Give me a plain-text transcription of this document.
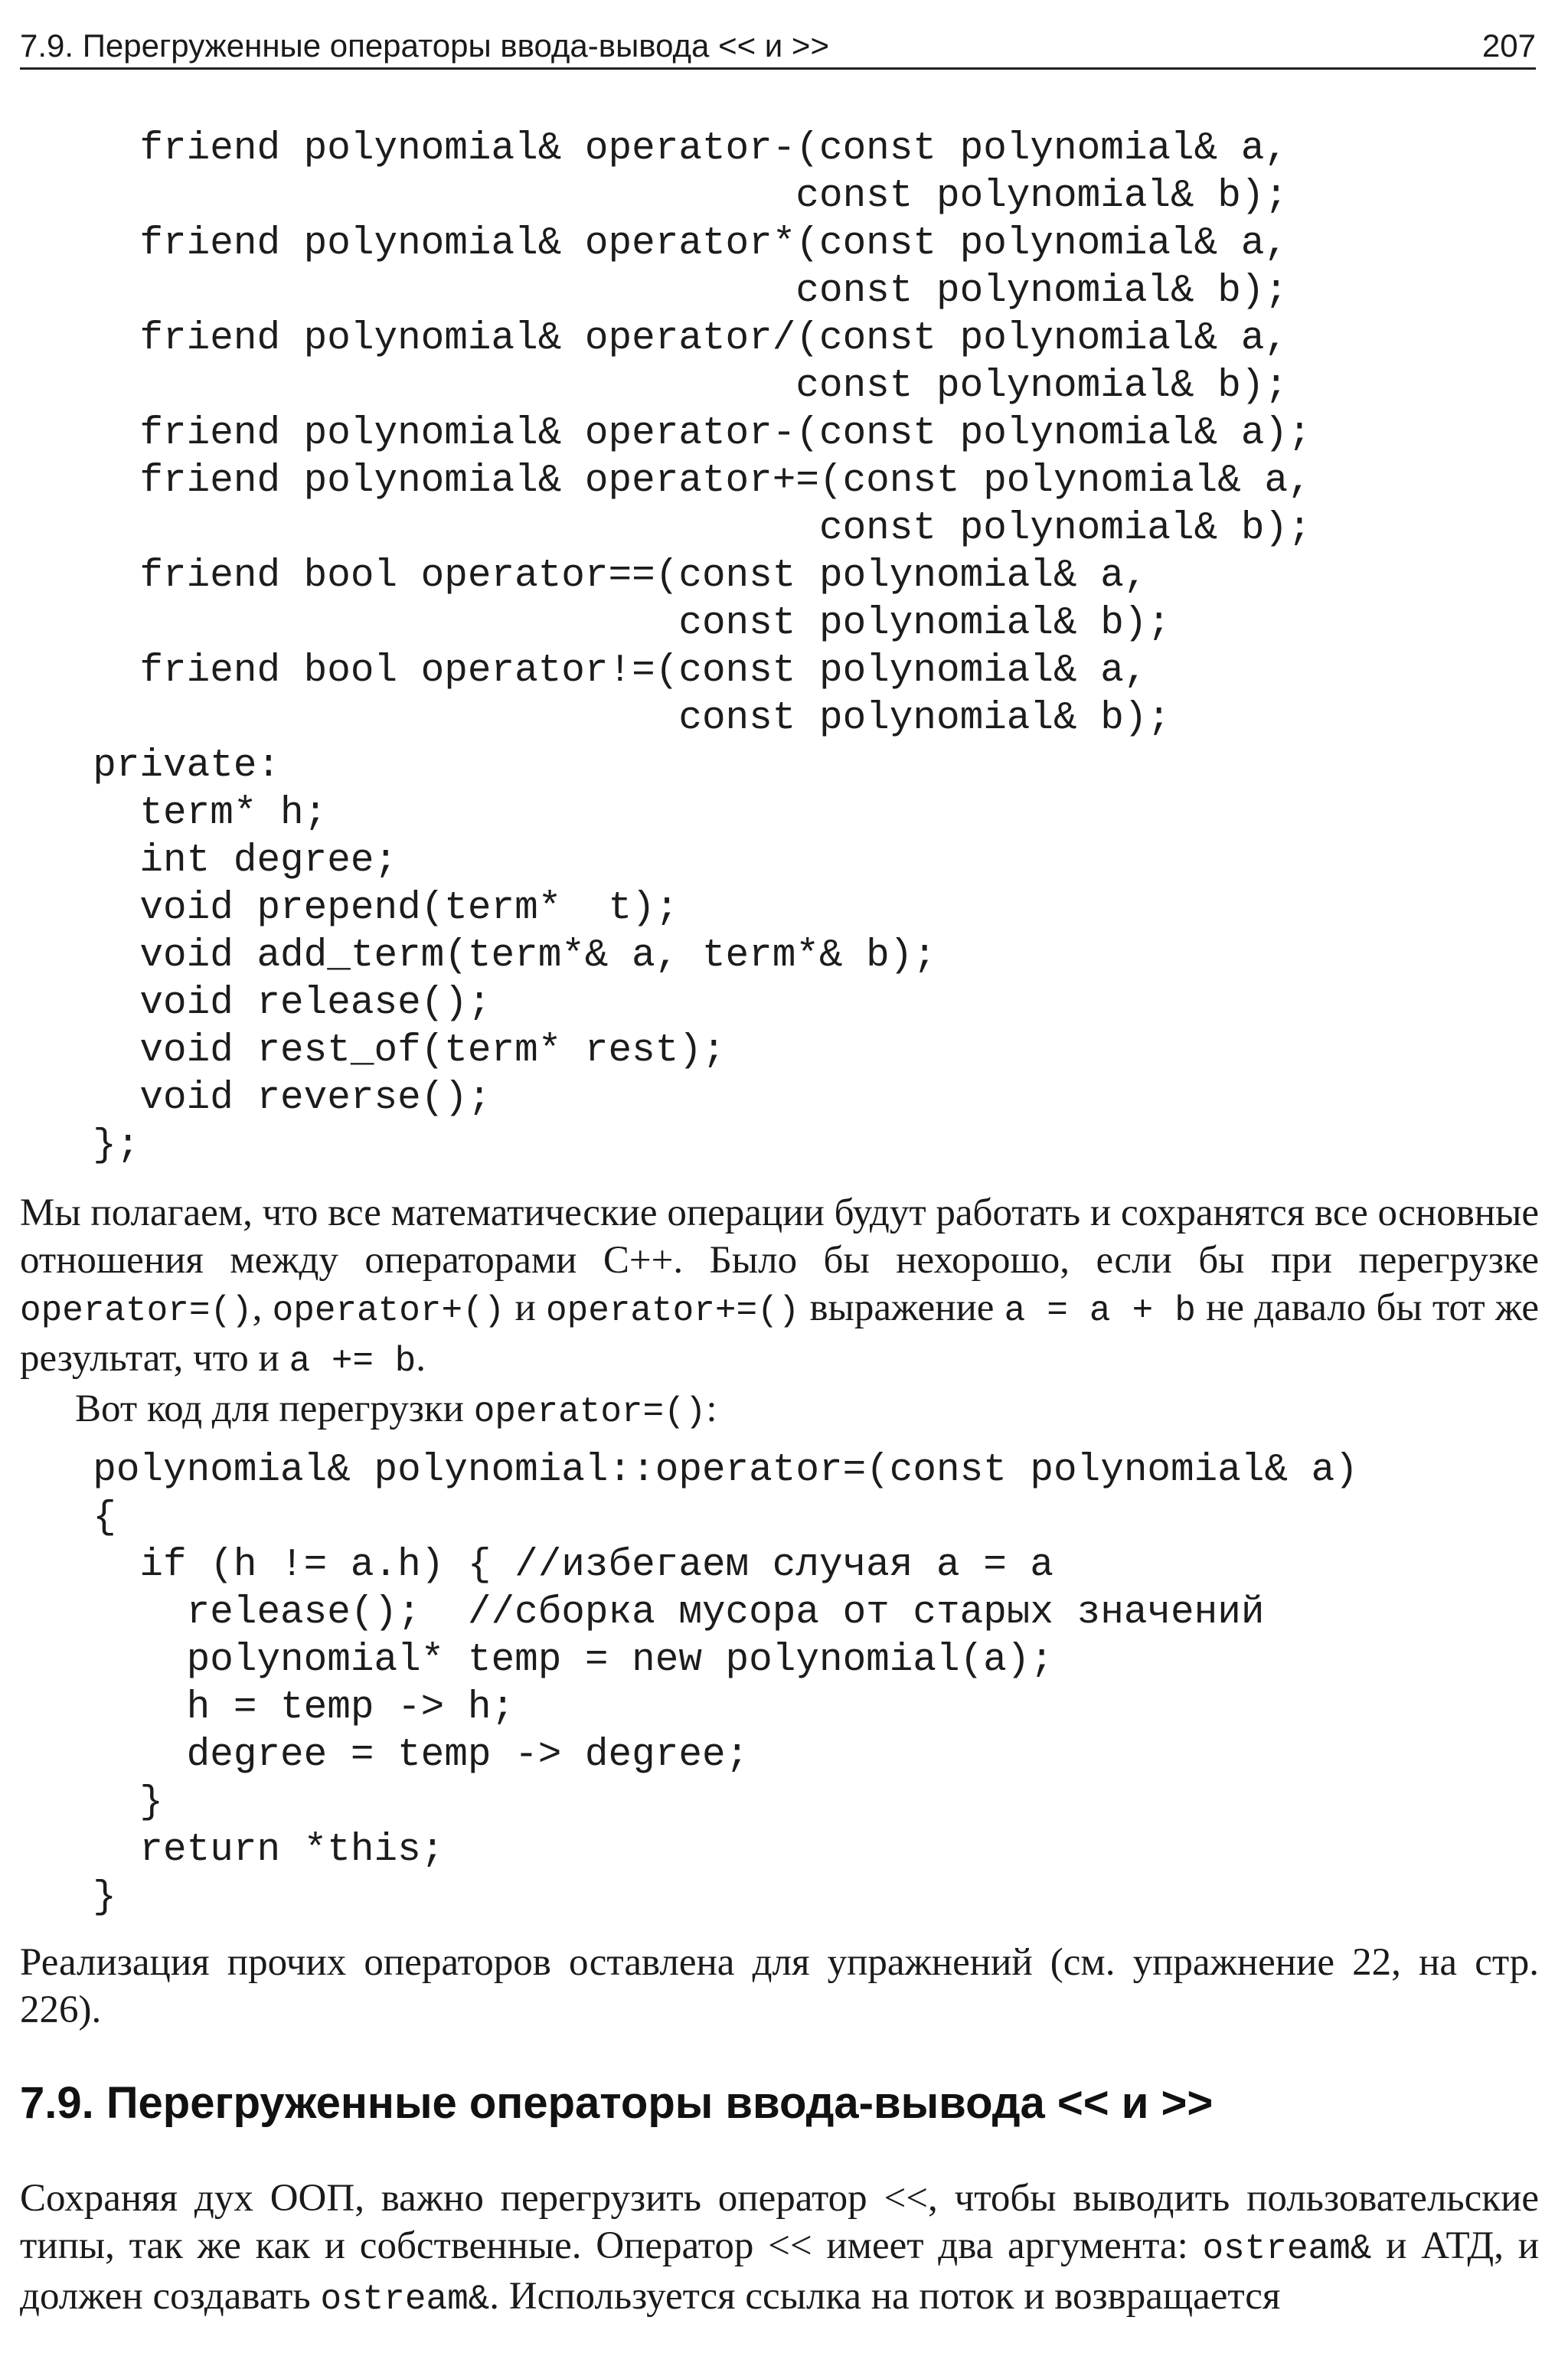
7.9. Перегруженные операторы ввода-вывода << и >>	207
friend polynomial& operator-(const polynomial& a,
const polynomial& b);
friend polynomial& operator*(const polynomial& a,
const polynomial& b);
friend polynomial& operator/(const polynomial& a,
const polynomial& b);
friend polynomial& operator-(const polynomial& a);
friend polynomial& operator+=(const polynomial& a,
const polynomial& b);
friend bool operator==(const polynomial& a,
const polynomial& b);
friend bool operator!=(const polynomial& a,
const polynomial& b);
private:
term* h;
int degree;
void prepend(term*  t);
void add_term(term*& a, term*& b);
void release();
void rest_of(term* rest);
void reverse();
};

Мы полагаем, что все математические операции будут работать и сохранятся все основные отношения между операторами C++. Было бы нехорошо, если бы при перегрузке operator=(), operator+() и operator+=() выражение a = a + b не давало бы тот же результат, что и a += b.

Вот код для перегрузки operator=():

polynomial& polynomial::operator=(const polynomial& a)
{
if (h != a.h) { //избегаем случая a = a
release();  //сборка мусора от старых значений
polynomial* temp = new polynomial(a);
h = temp -> h;
degree = temp -> degree;
}
return *this;
}

Реализация прочих операторов оставлена для упражнений (см. упражнение 22, на стр. 226).

7.9. Перегруженные операторы ввода-вывода << и >>

Сохраняя дух ООП, важно перегрузить оператор <<, чтобы выводить пользовательские типы, так же как и собственные. Оператор << имеет два аргумента: ostream& и АТД, и должен создавать ostream&. Используется ссылка на поток и возвращается
